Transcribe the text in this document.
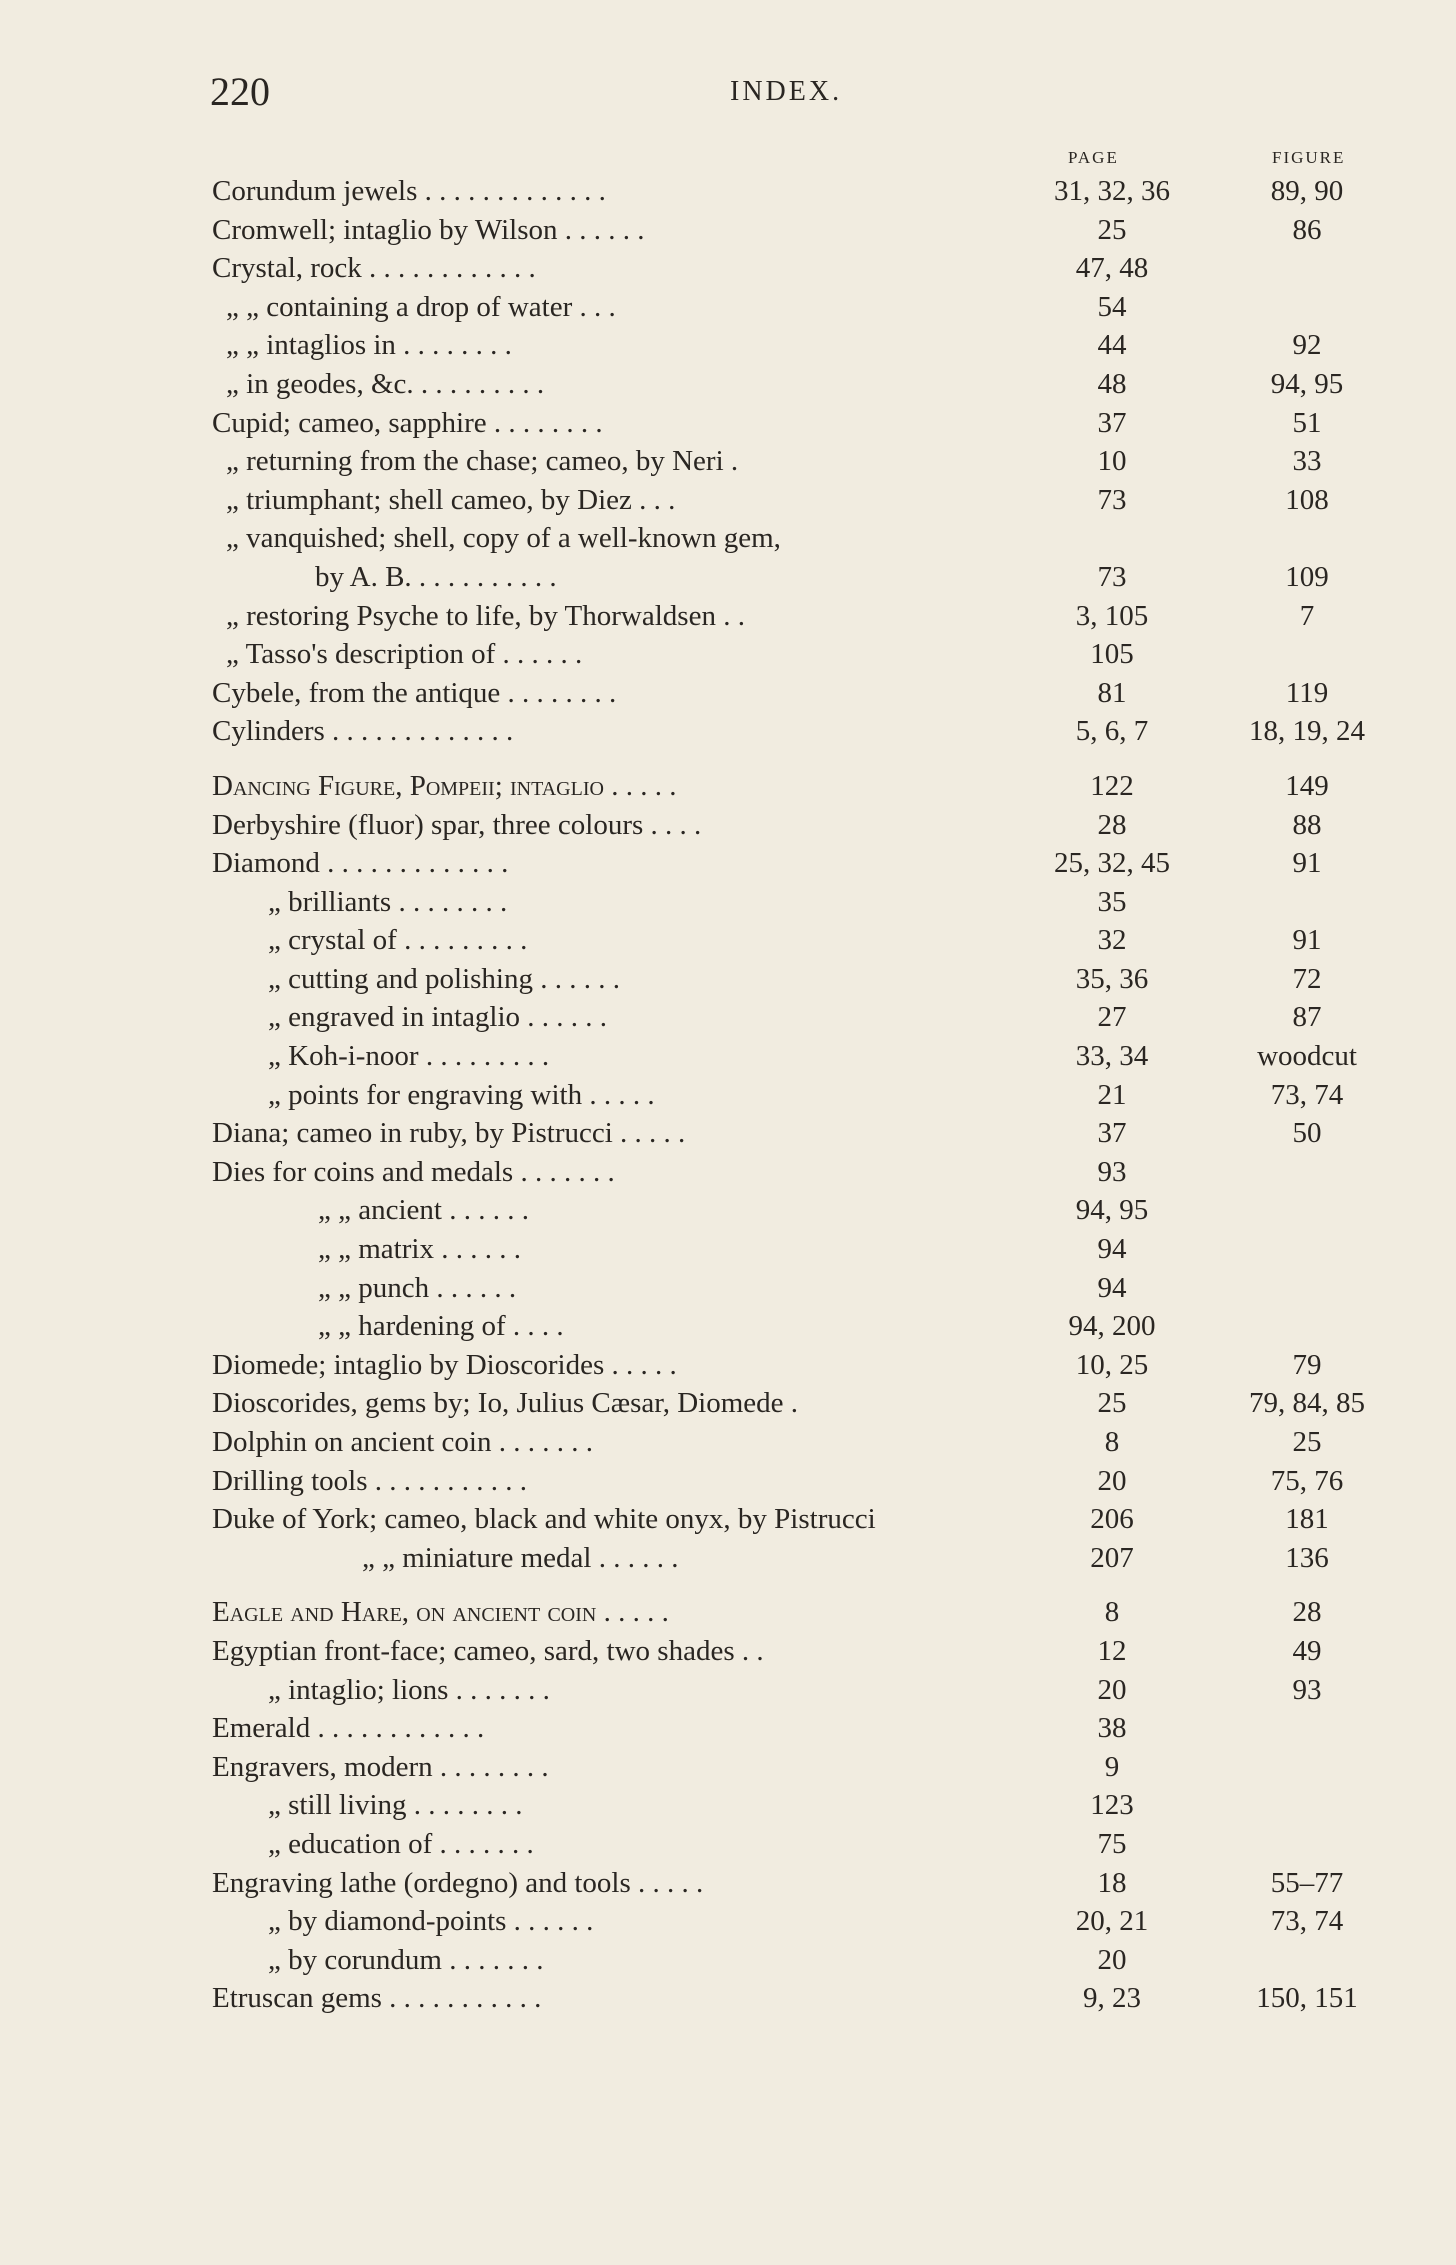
220	INDEX.
PAGE	FIGURE
Corundum jewels . . . . . . . . . . . . .	31, 32, 36	89, 90
Cromwell; intaglio by Wilson . . . . . .	25	86
Crystal, rock . . . . . . . . . . . .	47, 48
„ „ containing a drop of water . . .	54
„ „ intaglios in . . . . . . . .	44	92
„ in geodes, &c. . . . . . . . . .	48	94, 95
Cupid; cameo, sapphire . . . . . . . .	37	51
„ returning from the chase; cameo, by Neri .	10	33
„ triumphant; shell cameo, by Diez . . .	73	108
„ vanquished; shell, copy of a well-known gem,
by A. B. . . . . . . . . . .	73	109
„ restoring Psyche to life, by Thorwaldsen . .	3, 105	7
„ Tasso's description of . . . . . .	105
Cybele, from the antique . . . . . . . .	81	119
Cylinders . . . . . . . . . . . . .	5, 6, 7	18, 19, 24
Dancing Figure, Pompeii; intaglio . . . . .	122	149
Derbyshire (fluor) spar, three colours . . . .	28	88
Diamond . . . . . . . . . . . . .	25, 32, 45	91
„ brilliants . . . . . . . .	35
„ crystal of . . . . . . . . .	32	91
„ cutting and polishing . . . . . .	35, 36	72
„ engraved in intaglio . . . . . .	27	87
„ Koh-i-noor . . . . . . . . .	33, 34	woodcut
„ points for engraving with . . . . .	21	73, 74
Diana; cameo in ruby, by Pistrucci . . . . .	37	50
Dies for coins and medals . . . . . . .	93
„ „ ancient . . . . . .	94, 95
„ „ matrix . . . . . .	94
„ „ punch . . . . . .	94
„ „ hardening of . . . .	94, 200
Diomede; intaglio by Dioscorides . . . . .	10, 25	79
Dioscorides, gems by; Io, Julius Cæsar, Diomede .	25	79, 84, 85
Dolphin on ancient coin . . . . . . .	8	25
Drilling tools . . . . . . . . . . .	20	75, 76
Duke of York; cameo, black and white onyx, by Pistrucci	206	181
„ „ miniature medal . . . . . .	207	136
Eagle and Hare, on ancient coin . . . . .	8	28
Egyptian front-face; cameo, sard, two shades . .	12	49
„ intaglio; lions . . . . . . .	20	93
Emerald . . . . . . . . . . . .	38
Engravers, modern . . . . . . . .	9
„ still living . . . . . . . .	123
„ education of . . . . . . .	75
Engraving lathe (ordegno) and tools . . . . .	18	55–77
„ by diamond-points . . . . . .	20, 21	73, 74
„ by corundum . . . . . . .	20
Etruscan gems . . . . . . . . . . .	9, 23	150, 151
